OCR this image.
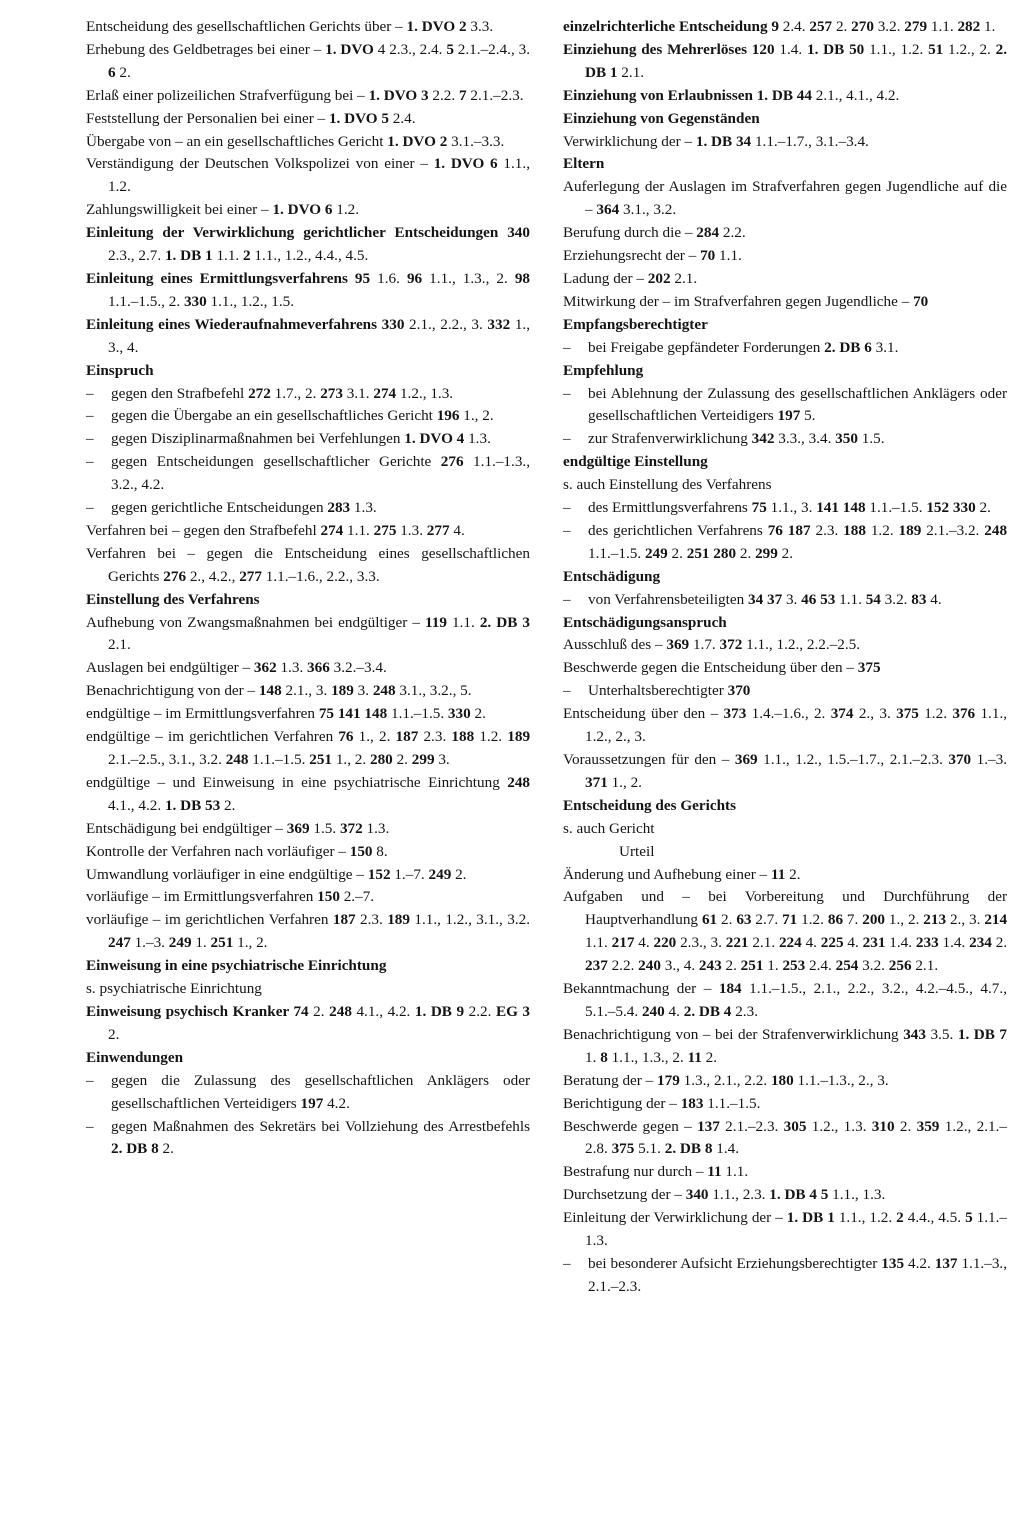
Entscheidung des gesellschaftlichen Gerichts über – 1. DVO 2 3.3.
Erhebung des Geldbetrages bei einer – 1. DVO 4 2.3., 2.4. 5 2.1.–2.4., 3. 6 2.
Erlaß einer polizeilichen Strafverfügung bei – 1. DVO 3 2.2. 7 2.1.–2.3.
Feststellung der Personalien bei einer – 1. DVO 5 2.4.
Übergabe von – an ein gesellschaftliches Gericht 1. DVO 2 3.1.–3.3.
Verständigung der Deutschen Volkspolizei von einer – 1. DVO 6 1.1., 1.2.
Zahlungswilligkeit bei einer – 1. DVO 6 1.2.
Einleitung der Verwirklichung gerichtlicher Entscheidungen 340 2.3., 2.7. 1. DB 1 1.1. 2 1.1., 1.2., 4.4., 4.5.
Einleitung eines Ermittlungsverfahrens 95 1.6. 96 1.1., 1.3., 2. 98 1.1.–1.5., 2. 330 1.1., 1.2., 1.5.
Einleitung eines Wiederaufnahmeverfahrens 330 2.1., 2.2., 3. 332 1., 3., 4.
Einspruch
– gegen den Strafbefehl 272 1.7., 2. 273 3.1. 274 1.2., 1.3.
– gegen die Übergabe an ein gesellschaftliches Gericht 196 1., 2.
– gegen Disziplinarmaßnahmen bei Verfehlungen 1. DVO 4 1.3.
– gegen Entscheidungen gesellschaftlicher Gerichte 276 1.1.–1.3., 3.2., 4.2.
– gegen gerichtliche Entscheidungen 283 1.3.
Verfahren bei – gegen den Strafbefehl 274 1.1. 275 1.3. 277 4.
Verfahren bei – gegen die Entscheidung eines gesellschaftlichen Gerichts 276 2., 4.2., 277 1.1.–1.6., 2.2., 3.3.
Einstellung des Verfahrens
Aufhebung von Zwangsmaßnahmen bei endgültiger – 119 1.1. 2. DB 3 2.1.
Auslagen bei endgültiger – 362 1.3. 366 3.2.–3.4.
Benachrichtigung von der – 148 2.1., 3. 189 3. 248 3.1., 3.2., 5.
endgültige – im Ermittlungsverfahren 75 141 148 1.1.–1.5. 330 2.
endgültige – im gerichtlichen Verfahren 76 1., 2. 187 2.3. 188 1.2. 189 2.1.–2.5., 3.1., 3.2. 248 1.1.–1.5. 251 1., 2. 280 2. 299 3.
endgültige – und Einweisung in eine psychiatrische Einrichtung 248 4.1., 4.2. 1. DB 53 2.
Entschädigung bei endgültiger – 369 1.5. 372 1.3.
Kontrolle der Verfahren nach vorläufiger – 150 8.
Umwandlung vorläufiger in eine endgültige – 152 1.–7. 249 2.
vorläufige – im Ermittlungsverfahren 150 2.–7.
vorläufige – im gerichtlichen Verfahren 187 2.3. 189 1.1., 1.2., 3.1., 3.2. 247 1.–3. 249 1. 251 1., 2.
Einweisung in eine psychiatrische Einrichtung
s. psychiatrische Einrichtung
Einweisung psychisch Kranker 74 2. 248 4.1., 4.2. 1. DB 9 2.2. EG 3 2.
Einwendungen
– gegen die Zulassung des gesellschaftlichen Anklägers oder gesellschaftlichen Verteidigers 197 4.2.
– gegen Maßnahmen des Sekretärs bei Vollziehung des Arrestbefehls 2. DB 8 2.
einzelrichterliche Entscheidung 9 2.4. 257 2. 270 3.2. 279 1.1. 282 1.
Einziehung des Mehrerlöses 120 1.4. 1. DB 50 1.1., 1.2. 51 1.2., 2. 2. DB 1 2.1.
Einziehung von Erlaubnissen 1. DB 44 2.1., 4.1., 4.2.
Einziehung von Gegenständen
Verwirklichung der – 1. DB 34 1.1.–1.7., 3.1.–3.4.
Eltern
Auferlegung der Auslagen im Strafverfahren gegen Jugendliche auf die – 364 3.1., 3.2.
Berufung durch die – 284 2.2.
Erziehungsrecht der – 70 1.1.
Ladung der – 202 2.1.
Mitwirkung der – im Strafverfahren gegen Jugendliche – 70
Empfangsberechtigter
– bei Freigabe gepfändeter Forderungen 2. DB 6 3.1.
Empfehlung
– bei Ablehnung der Zulassung des gesellschaftlichen Anklägers oder gesellschaftlichen Verteidigers 197 5.
– zur Strafenverwirklichung 342 3.3., 3.4. 350 1.5.
endgültige Einstellung
s. auch Einstellung des Verfahrens
– des Ermittlungsverfahrens 75 1.1., 3. 141 148 1.1.–1.5. 152 330 2.
– des gerichtlichen Verfahrens 76 187 2.3. 188 1.2. 189 2.1.–3.2. 248 1.1.–1.5. 249 2. 251 280 2. 299 2.
Entschädigung
– von Verfahrensbeteiligten 34 37 3. 46 53 1.1. 54 3.2. 83 4.
Entschädigungsanspruch
Ausschluß des – 369 1.7. 372 1.1., 1.2., 2.2.–2.5.
Beschwerde gegen die Entscheidung über den – 375
– Unterhaltsberechtigter 370
Entscheidung über den – 373 1.4.–1.6., 2. 374 2., 3. 375 1.2. 376 1.1., 1.2., 2., 3.
Voraussetzungen für den – 369 1.1., 1.2., 1.5.–1.7., 2.1.–2.3. 370 1.–3. 371 1., 2.
Entscheidung des Gerichts
s. auch Gericht
Urteil
Änderung und Aufhebung einer – 11 2.
Aufgaben und – bei Vorbereitung und Durchführung der Hauptverhandlung 61 2. 63 2.7. 71 1.2. 86 7. 200 1., 2. 213 2., 3. 214 1.1. 217 4. 220 2.3., 3. 221 2.1. 224 4. 225 4. 231 1.4. 233 1.4. 234 2. 237 2.2. 240 3., 4. 243 2. 251 1. 253 2.4. 254 3.2. 256 2.1.
Bekanntmachung der – 184 1.1.–1.5., 2.1., 2.2., 3.2., 4.2.–4.5., 4.7., 5.1.–5.4. 240 4. 2. DB 4 2.3.
Benachrichtigung von – bei der Strafenverwirklichung 343 3.5. 1. DB 7 1. 8 1.1., 1.3., 2. 11 2.
Beratung der – 179 1.3., 2.1., 2.2. 180 1.1.–1.3., 2., 3.
Berichtigung der – 183 1.1.–1.5.
Beschwerde gegen – 137 2.1.–2.3. 305 1.2., 1.3. 310 2. 359 1.2., 2.1.–2.8. 375 5.1. 2. DB 8 1.4.
Bestrafung nur durch – 11 1.1.
Durchsetzung der – 340 1.1., 2.3. 1. DB 4 5 1.1., 1.3.
Einleitung der Verwirklichung der – 1. DB 1 1.1., 1.2. 2 4.4., 4.5. 5 1.1.–1.3.
– bei besonderer Aufsicht Erziehungsberechtigter 135 4.2. 137 1.1.–3., 2.1.–2.3.
